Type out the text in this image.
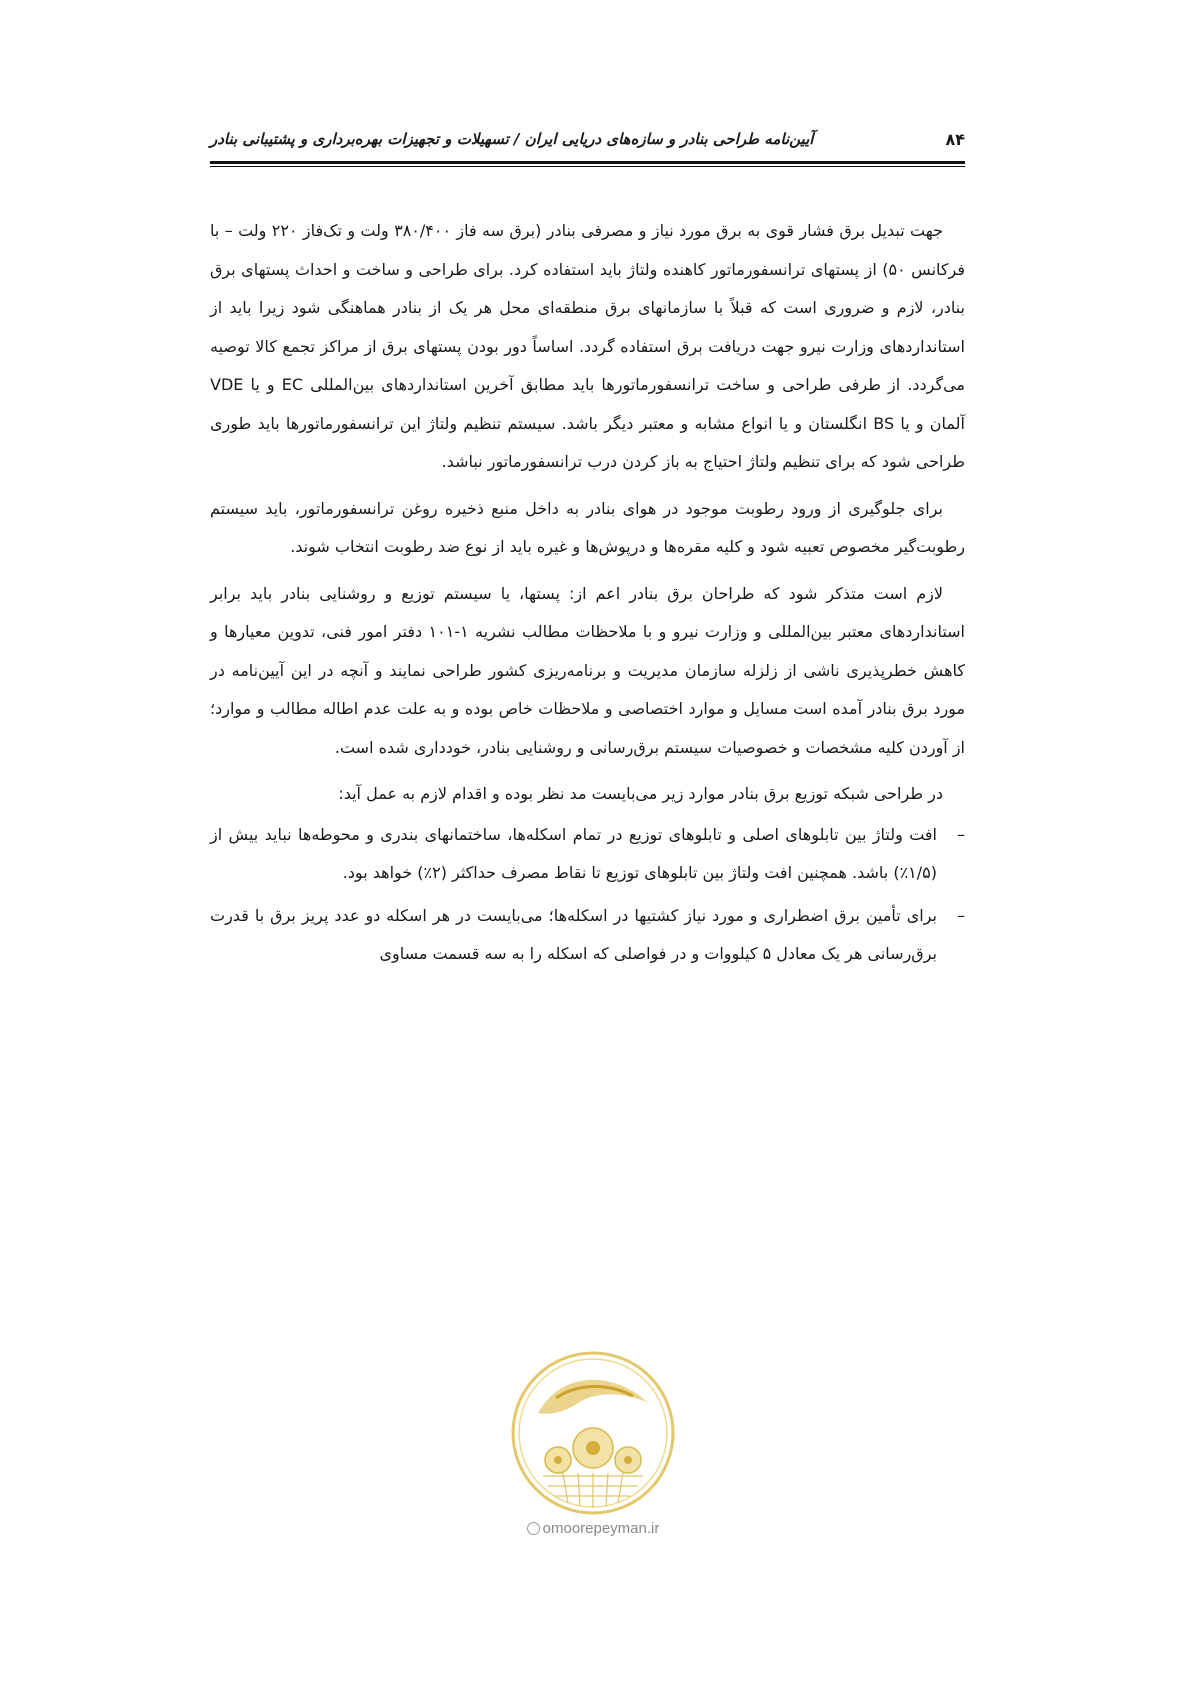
۸۴
آیین‌نامه طراحی بنادر و سازه‌های دریایی ایران / تسهیلات و تجهیزات بهره‌برداری و پشتیبانی بنادر

جهت تبدیل برق فشار قوی به برق مورد نیاز و مصرفی بنادر (برق سه فاز ۳۸۰/۴۰۰ ولت و تک‌فاز ۲۲۰ ولت – با فرکانس ۵۰) از پستهای ترانسفورماتور کاهنده ولتاژ باید استفاده کرد. برای طراحی و ساخت و احداث پستهای برق بنادر، لازم و ضروری است که قبلاً با سازمانهای برق منطقه‌ای محل هر یک از بنادر هماهنگی شود زیرا باید از استانداردهای وزارت نیرو جهت دریافت برق استفاده گردد. اساساً دور بودن پستهای برق از مراکز تجمع کالا توصیه می‌گردد. از طرفی طراحی و ساخت ترانسفورماتورها باید مطابق آخرین استانداردهای بین‌المللی EC و یا VDE آلمان و یا BS انگلستان و یا انواع مشابه و معتبر دیگر باشد. سیستم تنظیم ولتاژ این ترانسفورماتورها باید طوری طراحی شود که برای تنظیم ولتاژ احتیاج به باز کردن درب ترانسفورماتور نباشد.

برای جلوگیری از ورود رطوبت موجود در هوای بنادر به داخل منبع ذخیره روغن ترانسفورماتور، باید سیستم رطوبت‌گیر مخصوص تعبیه شود و کلیه مقره‌ها و درپوش‌ها و غیره باید از نوع ضد رطوبت انتخاب شوند.

لازم است متذکر شود که طراحان برق بنادر اعم از: پستها، یا سیستم توزیع و روشنایی بنادر باید برابر استانداردهای معتبر بین‌المللی و وزارت نیرو و با ملاحظات مطالب نشریه ۱-۱۰۱ دفتر امور فنی، تدوین معیارها و کاهش خطرپذیری ناشی از زلزله سازمان مدیریت و برنامه‌ریزی کشور طراحی نمایند و آنچه در این آیین‌نامه در مورد برق بنادر آمده است مسایل و موارد اختصاصی و ملاحظات خاص بوده و به علت عدم اطاله مطالب و موارد؛ از آوردن کلیه مشخصات و خصوصیات سیستم برق‌رسانی و روشنایی بنادر، خودداری شده است.

در طراحی شبکه توزیع برق بنادر موارد زیر می‌بایست مد نظر بوده و اقدام لازم به عمل آید:

–
افت ولتاژ بین تابلوهای اصلی و تابلوهای توزیع در تمام اسکله‌ها، ساختمانهای بندری و محوطه‌ها نباید بیش از (۱/۵٪) باشد. همچنین افت ولتاژ بین تابلوهای توزیع تا نقاط مصرف حداکثر (۲٪) خواهد بود.
–
برای تأمین برق اضطراری و مورد نیاز کشتیها در اسکله‌ها؛ می‌بایست در هر اسکله دو عدد پریز برق با قدرت برق‌رسانی هر یک معادل ۵ کیلووات و در فواصلی که اسکله را به سه قسمت مساوی
omoorepeyman.ir
